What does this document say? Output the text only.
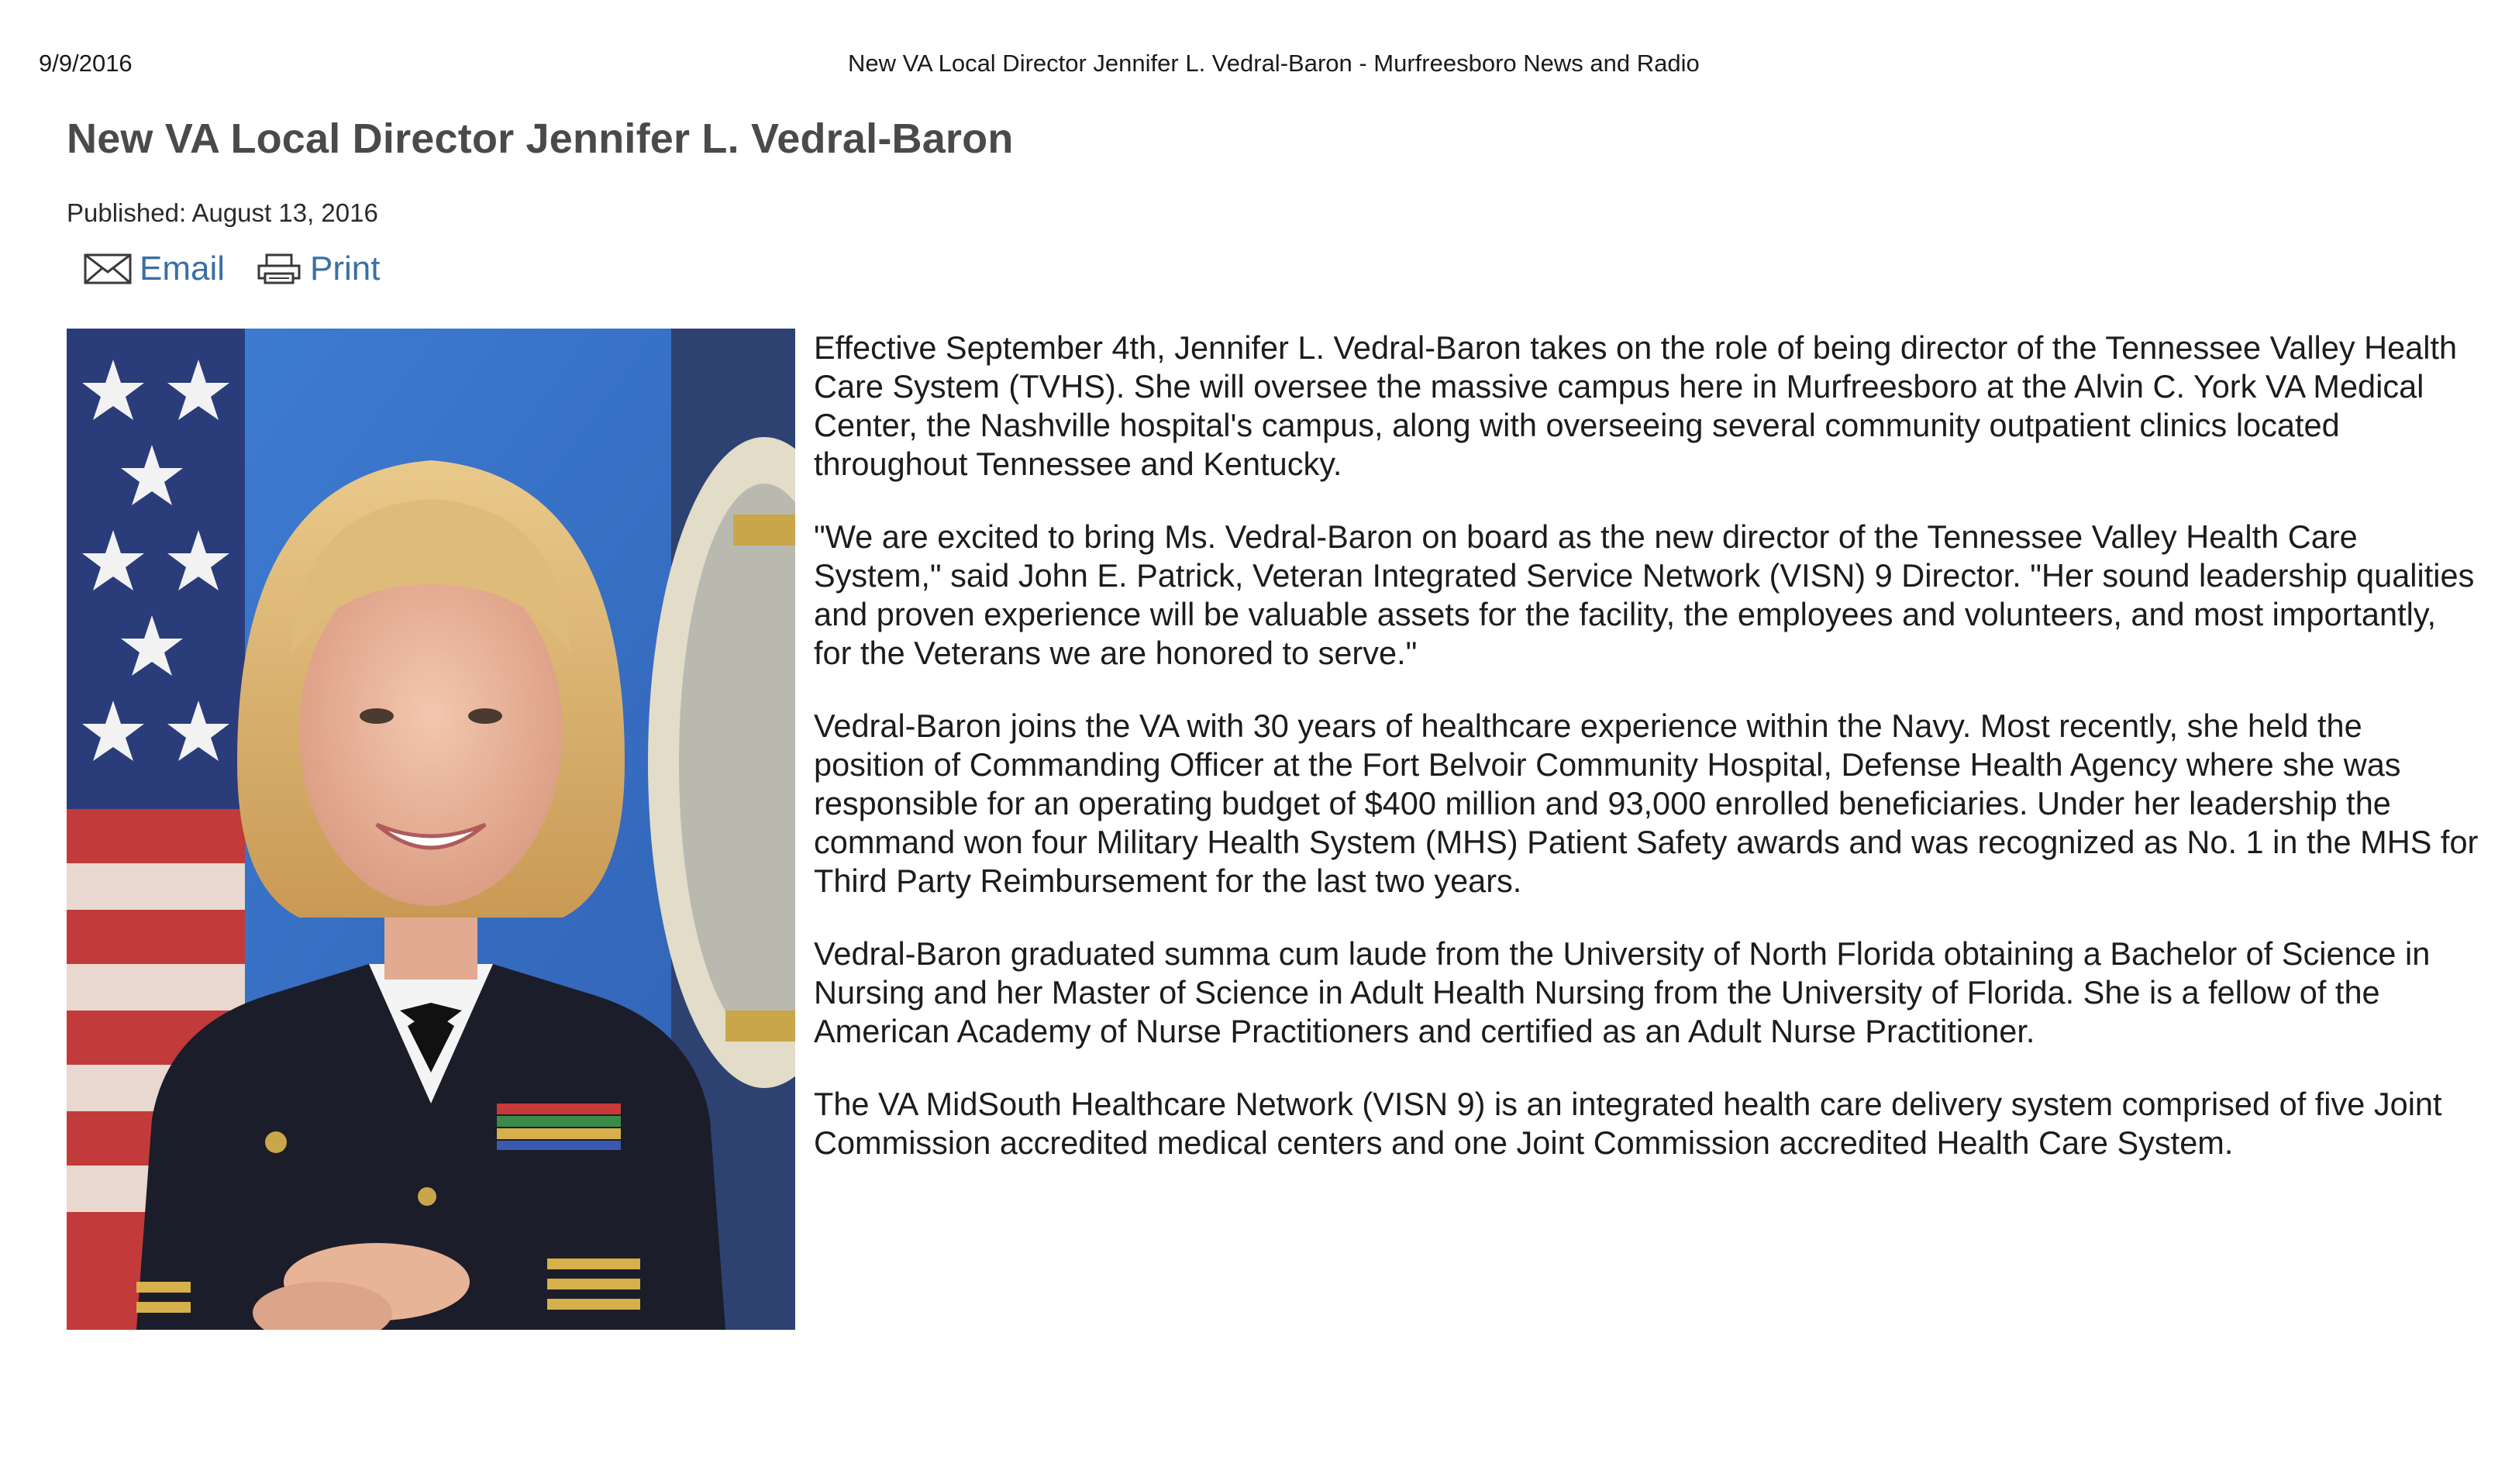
9/9/2016	New VA Local Director Jennifer L. Vedral-Baron - Murfreesboro News and Radio
New VA Local Director Jennifer L. Vedral-Baron
Published: August 13, 2016
Email	Print

Effective September 4th, Jennifer L. Vedral-Baron takes on the role of being director of the Tennessee Valley Health Care System (TVHS). She will oversee the massive campus here in Murfreesboro at the Alvin C. York VA Medical Center, the Nashville hospital's campus, along with overseeing several community outpatient clinics located throughout Tennessee and Kentucky.

"We are excited to bring Ms. Vedral-Baron on board as the new director of the Tennessee Valley Health Care System," said John E. Patrick, Veteran Integrated Service Network (VISN) 9 Director. "Her sound leadership qualities and proven experience will be valuable assets for the facility, the employees and volunteers, and most importantly, for the Veterans we are honored to serve."

Vedral-Baron joins the VA with 30 years of healthcare experience within the Navy. Most recently, she held the position of Commanding Officer at the Fort Belvoir Community Hospital, Defense Health Agency where she was responsible for an operating budget of $400 million and 93,000 enrolled beneficiaries. Under her leadership the command won four Military Health System (MHS) Patient Safety awards and was recognized as No. 1 in the MHS for Third Party Reimbursement for the last two years.

Vedral-Baron graduated summa cum laude from the University of North Florida obtaining a Bachelor of Science in Nursing and her Master of Science in Adult Health Nursing from the University of Florida. She is a fellow of the American Academy of Nurse Practitioners and certified as an Adult Nurse Practitioner.

The VA MidSouth Healthcare Network (VISN 9) is an integrated health care delivery system comprised of five Joint Commission accredited medical centers and one Joint Commission accredited Health Care System.
